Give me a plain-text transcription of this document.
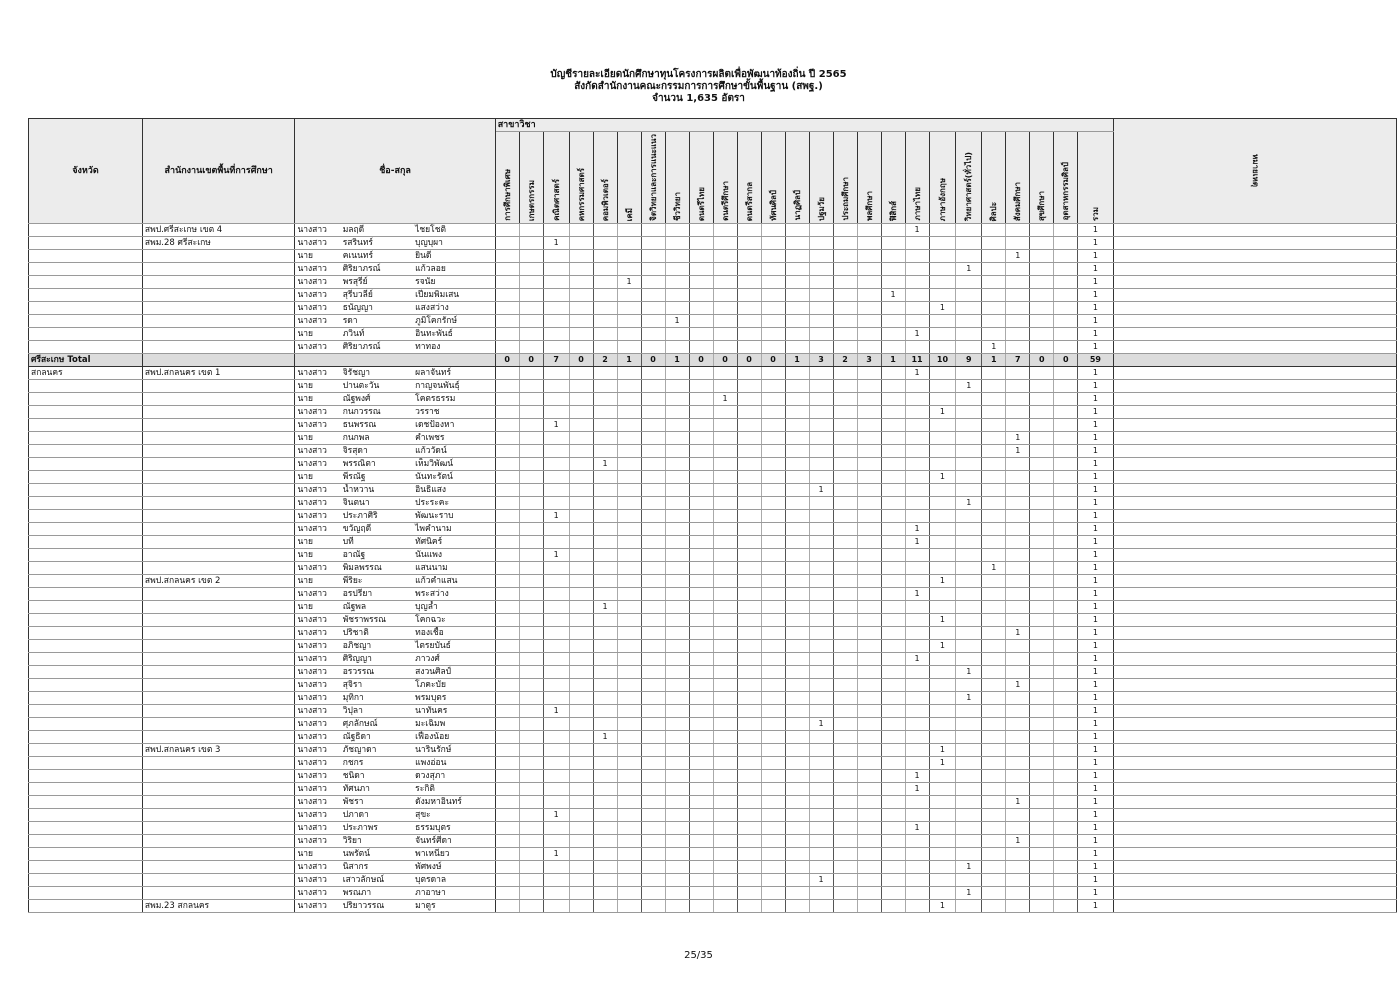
บัญชีรายละเอียดนักศึกษาทุนโครงการผลิตเพื่อพัฒนาท้องถิ่น ปี 2565
สังกัดสำนักงานคณะกรรมการการศึกษาขั้นพื้นฐาน (สพฐ.)
จำนวน 1,635 อัตรา
จังหวัด	สำนักงานเขตพื้นที่การศึกษา	ชื่อ-สกุล			สาขาวิชา																									หมายเหตุ

					การศึกษาพิเศษ	เกษตรกรรม	คณิตศาสตร์	คหกรรมศาสตร์	คอมพิวเตอร์	เคมี	จิตวิทยาและการแนะแนว	ชีววิทยา	ดนตรีไทย	ดนตรีศึกษา	ดนตรีสากล	ทัศนศิลป์	นาฏศิลป์	ปฐมวัย	ประถมศึกษา	พลศึกษา	ฟิสิกส์	ภาษาไทย	ภาษาอังกฤษ	วิทยาศาสตร์(ทั่วไป)	ศิลปะ	สังคมศึกษา	สุขศึกษา	อุตสาหกรรมศิลป์	รวม	

	สพป.ศรีสะเกษ เขต 4	นางสาว	มลฤดี	ไชยโชติ																		1							1	
	สพม.28 ศรีสะเกษ	นางสาว	รสรินทร์	บุญบุผา			1																						1	
		นาย	คเนนทร์	ยินดี																						1			1	
		นางสาว	ศิริยาภรณ์	แก้วลอย																				1					1	
		นางสาว	พรสุรีย์	รจนัย						1																			1	
		นางสาว	สุรีบวลีย์	เปียมพิมเสน																	1								1	
		นางสาว	ธนัญญา	แสงสว่าง																			1						1	
		นางสาว	รดา	ภูมิโคกรักษ์								1																	1	
		นาย	ภวินท์	อินทะพันธ์																		1							1	
		นางสาว	ศิริยาภรณ์	ทาทอง																					1				1	
ศรีสะเกษ Total					0	0	7	0	2	1	0	1	0	0	0	0	1	3	2	3	1	11	10	9	1	7	0	0	59	
สกลนคร	สพป.สกลนคร เขต 1	นางสาว	จิรัชญา	ผลาจันทร์																		1							1	
		นาย	ปานตะวัน	กาญจนพันธุ์																				1					1	
		นาย	ณัฐพงศ์	โคตรธรรม										1															1	
		นางสาว	กนกวรรณ	วรราช																			1						1	
		นางสาว	ธนพรรณ	เดชป้องหา			1																						1	
		นาย	กนกพล	คำเพชร																						1			1	
		นางสาว	จิรสุดา	แก้ววัดน์																						1			1	
		นางสาว	พรรณิตา	เห็มวิพัฒน์					1																				1	
		นาย	พีรณัฐ	นันทะรัตน์																			1						1	
		นางสาว	น้ำหวาน	อินธิแสง														1											1	
		นางสาว	จินตนา	ประระคะ																				1					1	
		นางสาว	ประภาศิริ	พัฒนะราบ			1																						1	
		นางสาว	ขวัญฤดี	ไพคำนาม																		1							1	
		นาย	บที	ทัศนิคร์																		1							1	
		นาย	อาณัฐ	นันแพง			1																						1	
		นางสาว	พิมลพรรณ	แสนนาม																					1				1	
	สพป.สกลนคร เขต 2	นาย	พีริยะ	แก้วคำแสน																			1						1	
		นางสาว	อรปรียา	พระสว่าง																		1							1	
		นาย	ณัฐพล	บุญล้ำ					1																				1	
		นางสาว	พัชราพรรณ	โคกฉวะ																			1						1	
		นางสาว	ปริชาติ	ทองเชื้อ																						1			1	
		นางสาว	อภิชญา	ไตรยบันธ์																			1						1	
		นางสาว	ศิริญญา	ภาวงศ์																		1							1	
		นางสาว	อรวรรณ	สงวนศิลป์																				1					1	
		นางสาว	สุจิรา	โภคะบัย																						1			1	
		นางสาว	มุทิกา	พรมบุตร																				1					1	
		นางสาว	วิปุลา	นาทันคร			1																						1	
		นางสาว	ศุภลักษณ์	มะเฉิมพ														1											1	
		นางสาว	ณัฐธิดา	เฟื่องน้อย					1																				1	
	สพป.สกลนคร เขต 3	นางสาว	ภัชญาดา	นารินรักษ์																			1						1	
		นางสาว	กชกร	แพงอ่อน																			1						1	
		นางสาว	ชนิดา	ดวงสุภา																		1							1	
		นางสาว	ทัศนภา	ระกิติ																		1							1	
		นางสาว	พัชรา	ดังมหาอินทร์																						1			1	
		นางสาว	ปภาดา	สุขะ			1																						1	
		นางสาว	ประภาพร	ธรรมบุตร																		1							1	
		นางสาว	วิริยา	จันทร์ศีดา																						1			1	
		นาย	นพรัตน์	พาเหนียว			1																						1	
		นางสาว	นิสากร	พัศพงษ์																				1					1	
		นางสาว	เสาวลักษณ์	บุตรดาล														1											1	
		นางสาว	พรณภา	ภาอาษา																				1					1	
	สพม.23 สกลนคร	นางสาว	ปริยาวรรณ	มาตูร																			1						1	
25/35
